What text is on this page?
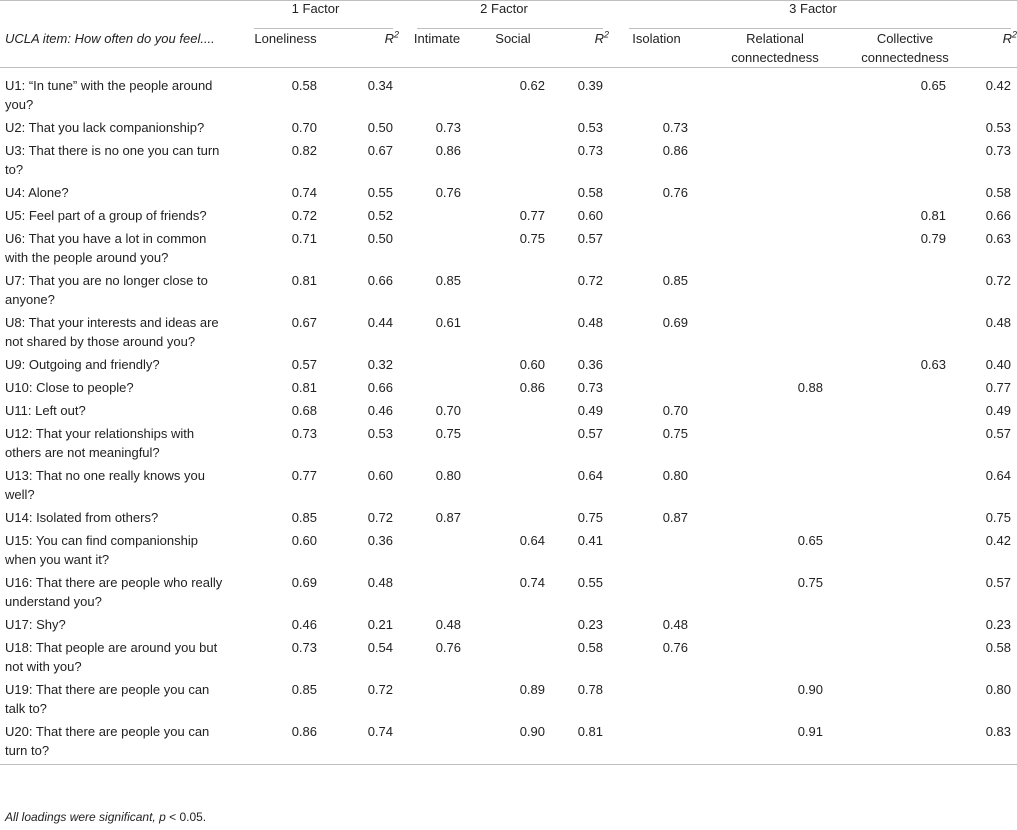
	1 Factor		2 Factor			3 Factor			

UCLA item: How often do you feel....	Loneliness	$R^2$	Intimate	Social	$R^2$	Isolation	Relational connectedness	Collective connectedness	$R^2$

U1: “In tune” with the people around you?	0.58	0.34		0.62	0.39			0.65	0.42
U2: That you lack companionship?	0.70	0.50	0.73		0.53	0.73			0.53
U3: That there is no one you can turn to?	0.82	0.67	0.86		0.73	0.86			0.73
U4: Alone?	0.74	0.55	0.76		0.58	0.76			0.58
U5: Feel part of a group of friends?	0.72	0.52		0.77	0.60			0.81	0.66
U6: That you have a lot in common with the people around you?	0.71	0.50		0.75	0.57			0.79	0.63
U7: That you are no longer close to anyone?	0.81	0.66	0.85		0.72	0.85			0.72
U8: That your interests and ideas are not shared by those around you?	0.67	0.44	0.61		0.48	0.69			0.48
U9: Outgoing and friendly?	0.57	0.32		0.60	0.36			0.63	0.40
U10: Close to people?	0.81	0.66		0.86	0.73		0.88		0.77
U11: Left out?	0.68	0.46	0.70		0.49	0.70			0.49
U12: That your relationships with others are not meaningful?	0.73	0.53	0.75		0.57	0.75			0.57
U13: That no one really knows you well?	0.77	0.60	0.80		0.64	0.80			0.64
U14: Isolated from others?	0.85	0.72	0.87		0.75	0.87			0.75
U15: You can find companionship when you want it?	0.60	0.36		0.64	0.41		0.65		0.42
U16: That there are people who really understand you?	0.69	0.48		0.74	0.55		0.75		0.57
U17: Shy?	0.46	0.21	0.48		0.23	0.48			0.23
U18: That people are around you but not with you?	0.73	0.54	0.76		0.58	0.76			0.58
U19: That there are people you can talk to?	0.85	0.72		0.89	0.78		0.90		0.80
U20: That there are people you can turn to?	0.86	0.74		0.90	0.81		0.91		0.83

All loadings were significant, p < 0.05.
